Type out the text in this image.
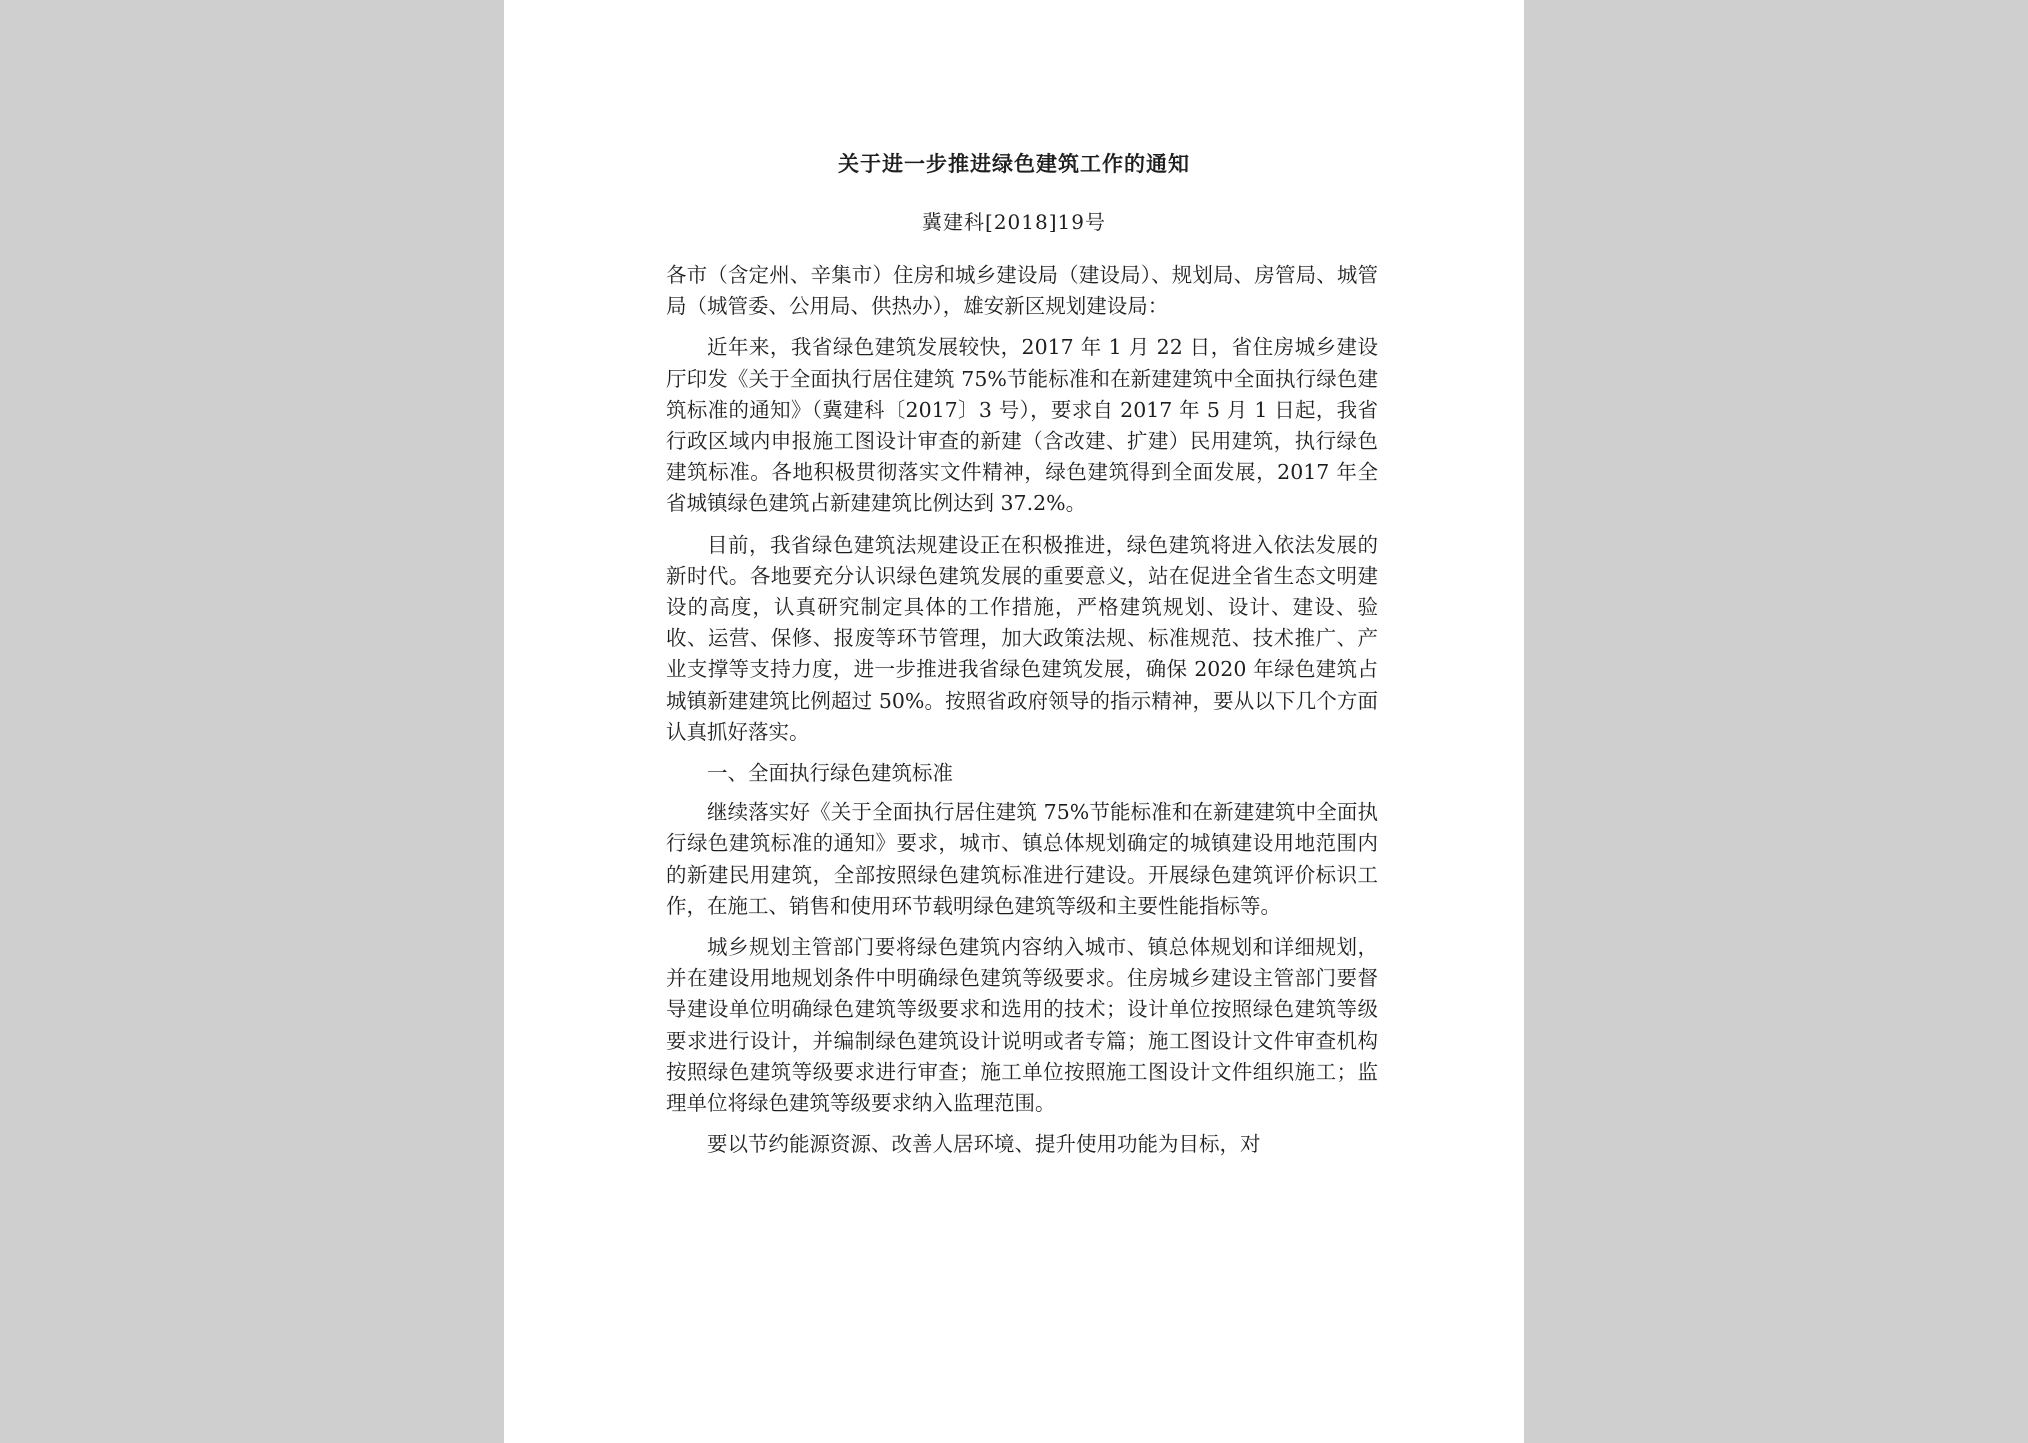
关于进一步推进绿色建筑工作的通知
冀建科[2018]19号

各市（含定州、辛集市）住房和城乡建设局（建设局）、规划局、房管局、城管局（城管委、公用局、供热办），雄安新区规划建设局：

近年来，我省绿色建筑发展较快，2017 年 1 月 22 日，省住房城乡建设厅印发《关于全面执行居住建筑 75%节能标准和在新建建筑中全面执行绿色建筑标准的通知》（冀建科〔2017〕3 号），要求自 2017 年 5 月 1 日起，我省行政区域内申报施工图设计审查的新建（含改建、扩建）民用建筑，执行绿色建筑标准。各地积极贯彻落实文件精神，绿色建筑得到全面发展，2017 年全省城镇绿色建筑占新建建筑比例达到 37.2%。

目前，我省绿色建筑法规建设正在积极推进，绿色建筑将进入依法发展的新时代。各地要充分认识绿色建筑发展的重要意义，站在促进全省生态文明建设的高度，认真研究制定具体的工作措施，严格建筑规划、设计、建设、验收、运营、保修、报废等环节管理，加大政策法规、标准规范、技术推广、产业支撑等支持力度，进一步推进我省绿色建筑发展，确保 2020 年绿色建筑占城镇新建建筑比例超过 50%。按照省政府领导的指示精神，要从以下几个方面认真抓好落实。

一、全面执行绿色建筑标准

继续落实好《关于全面执行居住建筑 75%节能标准和在新建建筑中全面执行绿色建筑标准的通知》要求，城市、镇总体规划确定的城镇建设用地范围内的新建民用建筑，全部按照绿色建筑标准进行建设。开展绿色建筑评价标识工作，在施工、销售和使用环节载明绿色建筑等级和主要性能指标等。

城乡规划主管部门要将绿色建筑内容纳入城市、镇总体规划和详细规划，并在建设用地规划条件中明确绿色建筑等级要求。住房城乡建设主管部门要督导建设单位明确绿色建筑等级要求和选用的技术；设计单位按照绿色建筑等级要求进行设计，并编制绿色建筑设计说明或者专篇；施工图设计文件审查机构按照绿色建筑等级要求进行审查；施工单位按照施工图设计文件组织施工；监理单位将绿色建筑等级要求纳入监理范围。

要以节约能源资源、改善人居环境、提升使用功能为目标，对
